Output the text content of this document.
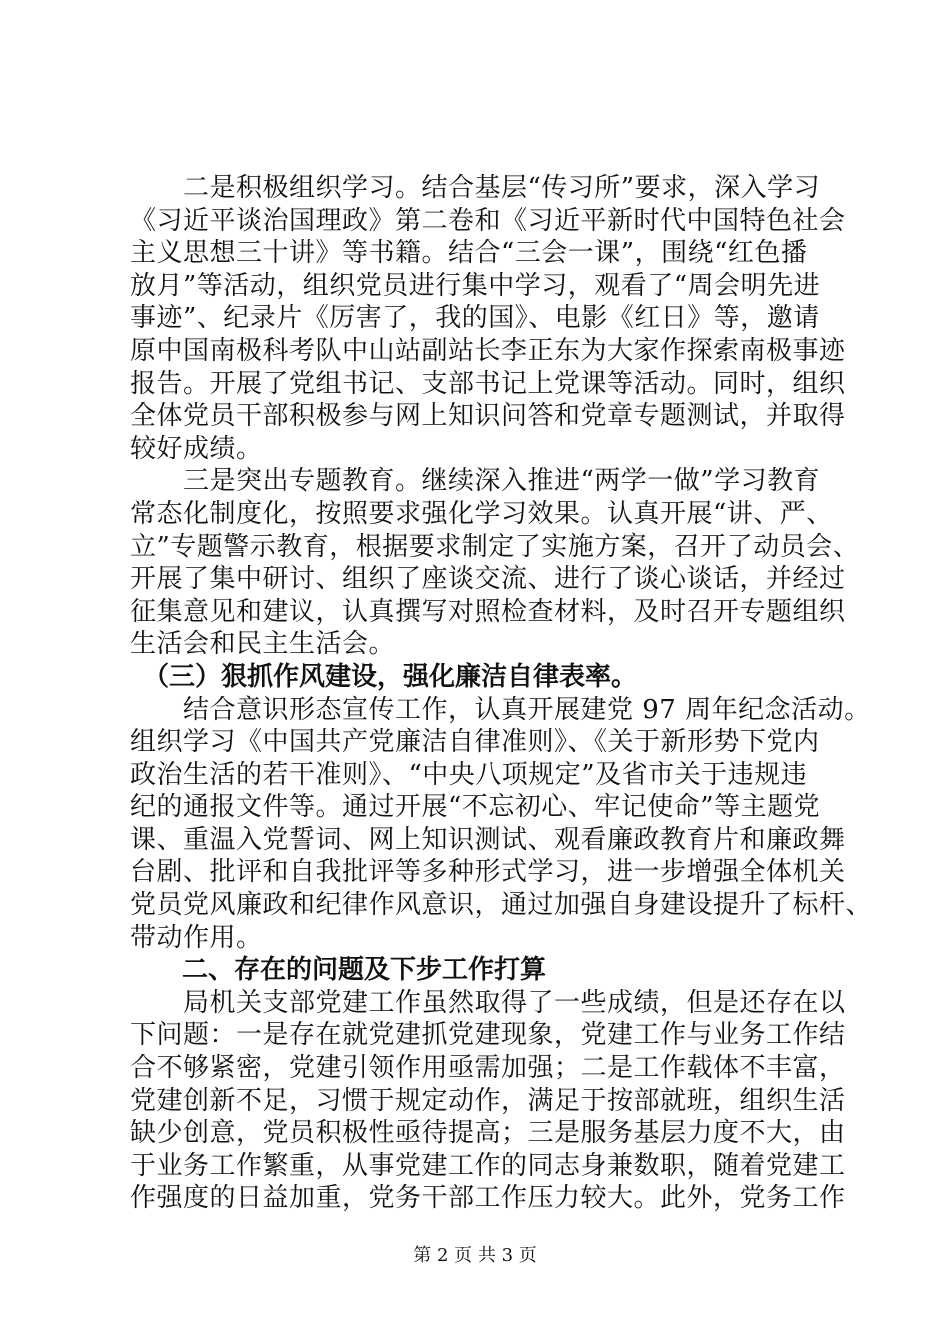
　　二是积极组织学习。结合基层“传习所”要求，深入学习
《习近平谈治国理政》第二卷和《习近平新时代中国特色社会
主义思想三十讲》等书籍。结合“三会一课”，围绕“红色播
放月”等活动，组织党员进行集中学习，观看了“周会明先进
事迹”、纪录片《厉害了，我的国》、电影《红日》等，邀请
原中国南极科考队中山站副站长李正东为大家作探索南极事迹
报告。开展了党组书记、支部书记上党课等活动。同时，组织
全体党员干部积极参与网上知识问答和党章专题测试，并取得
较好成绩。
　　三是突出专题教育。继续深入推进“两学一做”学习教育
常态化制度化，按照要求强化学习效果。认真开展“讲、严、
立”专题警示教育，根据要求制定了实施方案，召开了动员会、
开展了集中研讨、组织了座谈交流、进行了谈心谈话，并经过
征集意见和建议，认真撰写对照检查材料，及时召开专题组织
生活会和民主生活会。
　（三）狠抓作风建设，强化廉洁自律表率。
　　结合意识形态宣传工作，认真开展建党 97 周年纪念活动。
组织学习《中国共产党廉洁自律准则》、《关于新形势下党内
政治生活的若干准则》、“中央八项规定”及省市关于违规违
纪的通报文件等。通过开展“不忘初心、牢记使命”等主题党
课、重温入党誓词、网上知识测试、观看廉政教育片和廉政舞
台剧、批评和自我批评等多种形式学习，进一步增强全体机关
党员党风廉政和纪律作风意识，通过加强自身建设提升了标杆、
带动作用。
　　二、存在的问题及下步工作打算
　　局机关支部党建工作虽然取得了一些成绩，但是还存在以
下问题：一是存在就党建抓党建现象，党建工作与业务工作结
合不够紧密，党建引领作用亟需加强；二是工作载体不丰富，
党建创新不足，习惯于规定动作，满足于按部就班，组织生活
缺少创意，党员积极性亟待提高；三是服务基层力度不大，由
于业务工作繁重，从事党建工作的同志身兼数职，随着党建工
作强度的日益加重，党务干部工作压力较大。此外，党务工作
第 2 页 共 3 页
